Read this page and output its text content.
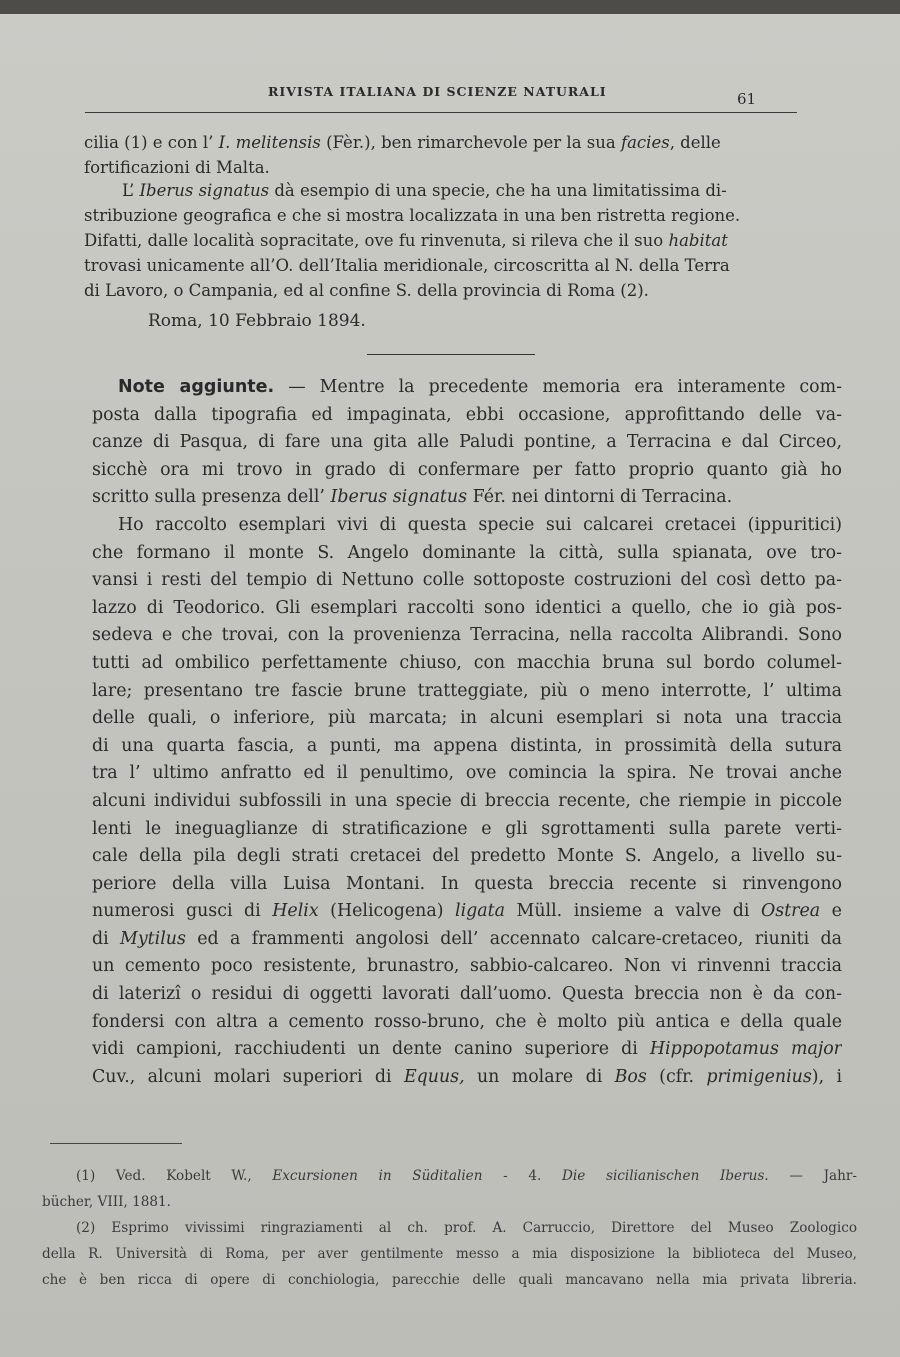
RIVISTA ITALIANA DI SCIENZE NATURALI	61
cilia (1) e con l’ I. melitensis (Fèr.), ben rimarchevole per la sua facies, delle
fortificazioni di Malta.
L’ Iberus signatus dà esempio di una specie, che ha una limitatissima di-
stribuzione geografica e che si mostra localizzata in una ben ristretta regione.
Difatti, dalle località sopracitate, ove fu rinvenuta, si rileva che il suo habitat
trovasi unicamente all’O. dell’Italia meridionale, circoscritta al N. della Terra
di Lavoro, o Campania, ed al confine S. della provincia di Roma (2).
Roma, 10 Febbraio 1894.
Note aggiunte. — Mentre la precedente memoria era interamente com-
posta dalla tipografia ed impaginata, ebbi occasione, approfittando delle va-
canze di Pasqua, di fare una gita alle Paludi pontine, a Terracina e dal Circeo,
sicchè ora mi trovo in grado di confermare per fatto proprio quanto già ho
scritto sulla presenza dell’ Iberus signatus Fér. nei dintorni di Terracina.
Ho raccolto esemplari vivi di questa specie sui calcarei cretacei (ippuritici)
che formano il monte S. Angelo dominante la città, sulla spianata, ove tro-
vansi i resti del tempio di Nettuno colle sottoposte costruzioni del così detto pa-
lazzo di Teodorico. Gli esemplari raccolti sono identici a quello, che io già pos-
sedeva e che trovai, con la provenienza Terracina, nella raccolta Alibrandi. Sono
tutti ad ombilico perfettamente chiuso, con macchia bruna sul bordo columel-
lare; presentano tre fascie brune tratteggiate, più o meno interrotte, l’ ultima
delle quali, o inferiore, più marcata; in alcuni esemplari si nota una traccia
di una quarta fascia, a punti, ma appena distinta, in prossimità della sutura
tra l’ ultimo anfratto ed il penultimo, ove comincia la spira. Ne trovai anche
alcuni individui subfossili in una specie di breccia recente, che riempie in piccole
lenti le ineguaglianze di stratificazione e gli sgrottamenti sulla parete verti-
cale della pila degli strati cretacei del predetto Monte S. Angelo, a livello su-
periore della villa Luisa Montani. In questa breccia recente si rinvengono
numerosi gusci di Helix (Helicogena) ligata Müll. insieme a valve di Ostrea e
di Mytilus ed a frammenti angolosi dell’ accennato calcare-cretaceo, riuniti da
un cemento poco resistente, brunastro, sabbio-calcareo. Non vi rinvenni traccia
di laterizî o residui di oggetti lavorati dall’uomo. Questa breccia non è da con-
fondersi con altra a cemento rosso-bruno, che è molto più antica e della quale
vidi campioni, racchiudenti un dente canino superiore di Hippopotamus major
Cuv., alcuni molari superiori di Equus, un molare di Bos (cfr. primigenius), i
(1) Ved. Kobelt W., Excursionen in Süditalien - 4. Die sicilianischen Iberus. — Jahr-
bücher, VIII, 1881.
(2) Esprimo vivissimi ringraziamenti al ch. prof. A. Carruccio, Direttore del Museo Zoologico
della R. Università di Roma, per aver gentilmente messo a mia disposizione la biblioteca del Museo,
che è ben ricca di opere di conchiologia, parecchie delle quali mancavano nella mia privata libreria.
